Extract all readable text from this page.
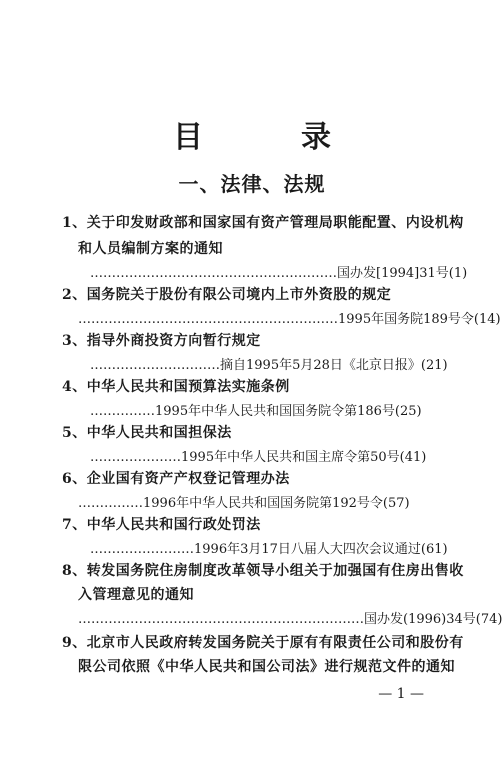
目　录
一、法律、法规
1、关于印发财政部和国家国有资产管理局职能配置、内设机构
和人员编制方案的通知
…………………………………………………国办发[1994]31号(1)
2、国务院关于股份有限公司境内上市外资股的规定
……………………………………………………1995年国务院189号令(14)
3、指导外商投资方向暂行规定
…………………………摘自1995年5月28日《北京日报》(21)
4、中华人民共和国预算法实施条例
……………1995年中华人民共和国国务院令第186号(25)
5、中华人民共和国担保法
…………………1995年中华人民共和国主席令第50号(41)
6、企业国有资产产权登记管理办法
……………1996年中华人民共和国国务院第192号令(57)
7、中华人民共和国行政处罚法
……………………1996年3月17日八届人大四次会议通过(61)
8、转发国务院住房制度改革领导小组关于加强国有住房出售收
入管理意见的通知
…………………………………………………………国办发(1996)34号(74)
9、北京市人民政府转发国务院关于原有有限责任公司和股份有
限公司依照《中华人民共和国公司法》进行规范文件的通知
— 1 —
